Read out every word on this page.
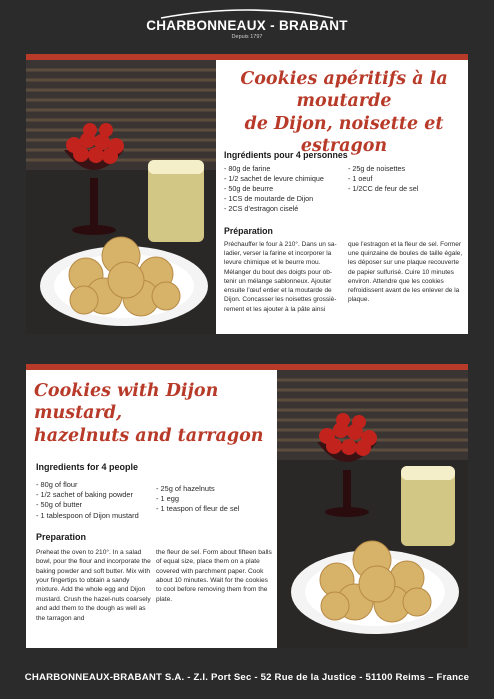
CHARBONNEAUX - BRABANT
Depuis 1797
Cookies apéritifs à la moutarde
de Dijon, noisette et estragon
Ingrédients pour 4 personnes
- 80g de farine
- 1/2 sachet de levure chimique
- 50g de beurre
- 1CS de moutarde de Dijon
- 2CS d’estragon ciselé
- 25g de noisettes
- 1 oeuf
- 1/2CC de feur de sel
Préparation
Préchauffer le four à 210°. Dans un sa-ladier, verser la farine et incorporer la levure chimique et le beurre mou. Mélanger du bout des doigts pour ob-tenir un mélange sablonneux. Ajouter ensuite l’œuf entier et la moutarde de Dijon. Concasser les noisettes grossiè-rement et les ajouter à la pâte ainsi
que l’estragon et la fleur de sel. Former une quinzaine de boules de taille égale, les déposer sur une plaque recouverte de papier sulfurisé. Cuire 10 minutes environ. Attendre que les cookies refroidissent avant de les enlever de la plaque.
Cookies with Dijon mustard,
hazelnuts and tarragon
Ingredients for 4 people
- 80g of flour
- 1/2 sachet of baking powder
- 50g of butter
- 1 tablespoon of Dijon mustard
- 25g of hazelnuts
- 1 egg
- 1 teaspon of fleur de sel
Preparation
Preheat the oven to 210°. In a salad bowl, pour the flour and incorporate the baking powder and soft butter. Mix with your fingertips to obtain a sandy mixture. Add the whole egg and Dijon mustard. Crush the hazel-nuts coarsely and add them to the dough as well as the tarragon and
the fleur de sel. Form about fifteen balls of equal size, place them on a plate covered with parchment paper. Cook about 10 minutes. Wait for the cookies to cool before removing them from the plate.
CHARBONNEAUX-BRABANT S.A. - Z.I. Port Sec - 52 Rue de la Justice - 51100 Reims – France
